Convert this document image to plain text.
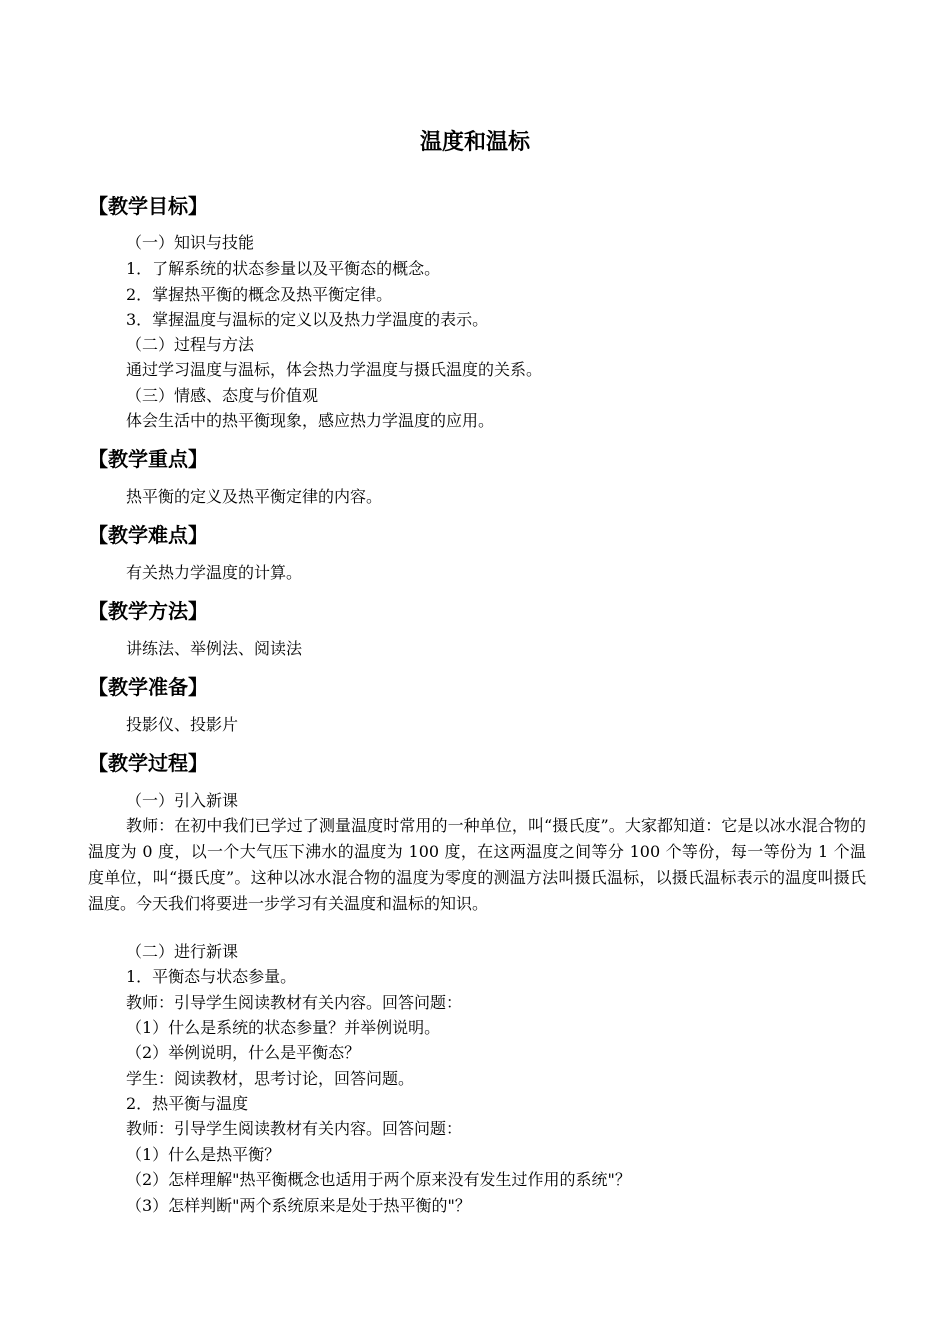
温度和温标
【教学目标】
（一）知识与技能
1．了解系统的状态参量以及平衡态的概念。
2．掌握热平衡的概念及热平衡定律。
3．掌握温度与温标的定义以及热力学温度的表示。
（二）过程与方法
通过学习温度与温标，体会热力学温度与摄氏温度的关系。
（三）情感、态度与价值观
体会生活中的热平衡现象，感应热力学温度的应用。
【教学重点】
热平衡的定义及热平衡定律的内容。
【教学难点】
有关热力学温度的计算。
【教学方法】
讲练法、举例法、阅读法
【教学准备】
投影仪、投影片
【教学过程】
（一）引入新课
教师：在初中我们已学过了测量温度时常用的一种单位，叫“摄氏度”。大家都知道：它是以冰水混合物的温度为 0 度，以一个大气压下沸水的温度为 100 度，在这两温度之间等分 100 个等份，每一等份为 1 个温度单位，叫“摄氏度”。这种以冰水混合物的温度为零度的测温方法叫摄氏温标，以摄氏温标表示的温度叫摄氏温度。今天我们将要进一步学习有关温度和温标的知识。
（二）进行新课
1．平衡态与状态参量。
教师：引导学生阅读教材有关内容。回答问题：
（1）什么是系统的状态参量？并举例说明。
（2）举例说明，什么是平衡态？
学生：阅读教材，思考讨论，回答问题。
2．热平衡与温度
教师：引导学生阅读教材有关内容。回答问题：
（1）什么是热平衡？
（2）怎样理解"热平衡概念也适用于两个原来没有发生过作用的系统"？
（3）怎样判断"两个系统原来是处于热平衡的"？
